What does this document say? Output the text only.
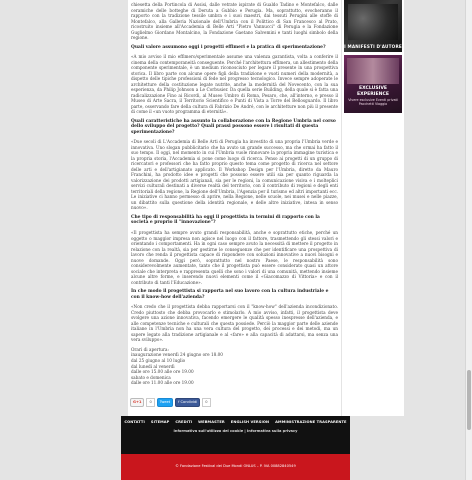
chiesetta della Portincola di Assisi, dalle vetrate ispirate di Gualdo Tadino e Montefalco, dalle ceramiche delle botteghe di Deruta a Gubbio e Perugia. Ma, soprattutto, evocheranno il rapporto con la tradizione tessile umbra e i suoi maestri, dai tessuti Perugini alle stoffe di Montefalco, alla Galleria Nazionale dell'Umbria con il Polittico di San Francesco al Prato, ricostruito insieme all'Accademia di Belle Arti "Pietro Vannucci" di Perugia e la Fondazione Guglielmo Giordano Montalcino, la Fondazione Gaetano Salvemini e tanti luoghi simbolo della regione.

Quali valore assumono oggi i progetti effimeri e la pratica di sperimentazione?

«A mio avviso il mio effimero/sperimentale assume una valenza garantista, volta a conferire il cinema della contemporaneità conseguente. Perché l'architettura effimera, un allestimento della componente sperimentale, è un medium riconosciuto per legare il presente in una prospettiva storica. Il libro parte con alcune opere figli della tradizione e vuoti numeri della modernità, a dispetto delle tipiche professioni di fede nel progresso tecnologico. Invece sempre adoperate le architetture della costituzione legate nutrite, anche la modernità del Novecento, con la sua esperienza, da Philip Johnson a Le Corbusier. Da quella serie Building, della quale si è fatta una radicalizzazione Fino ai Ricordi, al Museo Umbro di Roma, Pesaro, che, all'interno, e presso il Museo di Arte Sacra, il Territorio Scientifico e Punti di Vista a Torre del Bellosguardo. Il libro parte, osservando fare della cultura di Fabrizio De André, con le architetture non più il presente di come il «un vuoto programma di eternità».

Quali caratteristiche ha assunto la collaborazione con la Regione Umbria nel corso dello sviluppo del progetto? Quali prassi possono essere i risultati di questa sperimentazione?

«Due secoli di L'Accademia di Belle Arti di Perugia ha investito di una propria l'Umbria verde e innovativa. Uno slogan pubblicitario che ha avuto un grande successo, ma che ormai ha fatto il suo tempo. Il oggi, nel momento in cui l'Umbria vuole rinnovare la propria immagine turistica e la propria storia, l'Accademia si pone come luogo di ricerca. Penso ai progetti di un gruppo di ricercatori e professori che ha fatto proprio questo tema come progetto di ricerca nel settore delle arti e dell'artigianato applicato. Il Workshop Design per l'Umbria, diretto da Mauro Franchini, ha prodotto idee e progetti che possono essere utili sia per quanto riguarda la valorizzazione dei prodotti artigianali, sia per le regioni, la comunicazione visiva e i molteplici servizi culturali destinati a diverse realtà del territorio, con il contributo di regioni e degli enti territoriali della regione, la Regione dell'Umbria, l'Agenzia per il turismo ed altri importanti ecc. Le iniziative ci hanno permesso di aprire, nella Regione, nelle scuole, nei musei e nelle piazze, un dibattito sulla questione della identità regionale, e delle altre iniziative, intesa in senso nuovo».

Che tipo di responsabilità ha oggi il progettista in termini di rapporto con la società e proprio il "innovazione"?

«Il progettista ha sempre avuto grandi responsabilità, anche e soprattutto etiche, perché un oggetto o maggior impresa non agisce nel luogo con il fattore, trasmettendo gli stessi valori e orientando i comportamenti. Ha in ogni caso sempre avuto la necessità di mettere il progetto in relazione con la realtà, sia per gestirne le conseguenze che per identificare una prospettiva di lavoro che renda il progettista capace di rispondere con soluzioni innovative a nuovi bisogni e nuove domande. Oggi però, soprattutto nel nostro Paese, le responsabilità sono considerevolmente aumentate, tanto che il progettista può essere considerato quasi un attore sociale che interpreta e rappresenta quelli che sono i valori di una comunità, mettendo insieme alcune altre forme, e inserendo nuovi elementi come il «Giacomazzo di Vittoria» e con il contributo di tanti l'Educazione».

In che modo il progettista si rapporta nel suo lavoro con la cultura industriale e con il know-how dell'azienda?

«Non credo che il progettista debba rapportarsi con il "know-how" dell'azienda incondizionato. Credo piuttosto che debba provocarlo e stimolarlo. A mio avviso, infatti, il progettista deve svolgere una azione innovativa, facendo emergere le qualità spesso inespresse dell'azienda, e alle competenze tecniche e culturali che questa possiede. Perciò la maggior parte delle aziende italiane in l'Umbria non ha una vera cultura del progetto, dei processi e dei metodi, ma un sapere legato alla tradizione artigianale e al «fare» e alla capacità di adattarsi, ma senza una vera sviluppo».

Orari di apertura:
inaugurazione venerdì 24 giugno ore 18.00
dal 25 giugno al 10 luglio
dal lunedì al venerdì
dalle ore 15.00 alle ore 19.00
sabato e domenica
dalle ore 11.00 alle ore 19.00
G+1	0	Tweet	f Condividi	0
I MANIFESTI D'AUTORE
EXCLUSIVE EXPERIENCE
Vivere esclusive Eventi privati Pacchetti Viaggio
CONTATTI SITEMAP CREDITI WEBMASTER ENGLISH VERSION AMMINISTRAZIONE TRASPARENTE
Informativa sull'utilizzo dei cookie | Informativa sulla privacy
© Fondazione Festival dei Due Mondi ONLUS – P. IVA 00882840549
